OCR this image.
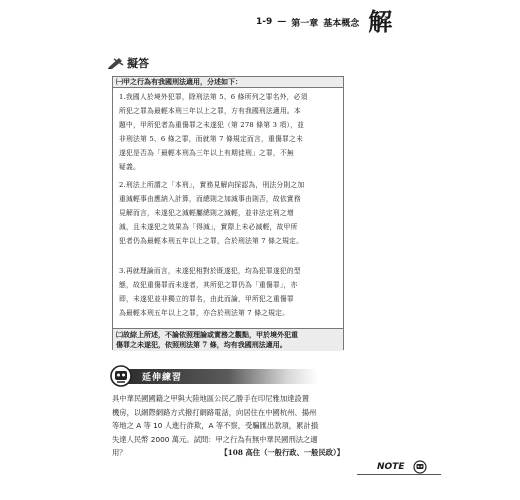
1-9 — 第一章 基本概念 解
擬答
㈠甲之行為有我國刑法適用，分述如下：
1.我國人於境外犯罪，除刑法第 5、6 條所列之罪名外，必須
所犯之罪為最輕本刑三年以上之罪，方有我國刑法適用。本
題中，甲所犯者為重傷罪之未遂犯（第 278 條第 3 項），並
非刑法第 5、6 條之罪，而就第 7 條規定而言，重傷罪之未
遂犯是否為「最輕本刑為三年以上有期徒刑」之罪，不無
疑義。
2.刑法上所謂之「本刑」，實務見解向採認為，刑法分則之加
重減輕事由應納入計算，而總則之加減事由則否，故依實務
見解而言，未遂犯之減輕屬總則之減輕，並非法定刑之增
減，且未遂犯之效果為「得減」，實際上未必減輕，故甲所
犯者仍為最輕本刑五年以上之罪，合於刑法第 7 條之規定。
3.再就理論而言，未遂犯相對於既遂犯，均為犯罪遂犯的型
態，故犯重傷罪而未遂者，其所犯之罪仍為「重傷罪」，亦
即，未遂犯並非獨立的罪名，由此而論，甲所犯之重傷罪
為最輕本刑五年以上之罪，亦合於刑法第 7 條之規定。
㈡故綜上所述，不論依照理論或實務之觀點，甲於境外犯重
傷罪之未遂犯，依照刑法第 7 條，均有我國刑法適用。
延伸練習
具中華民國國籍之甲與大陸地區公民乙勝手在印尼雅加達設置
機房，以網際網路方式撥打網路電話，向居住在中國杭州、揚州
等地之 A 等 10 人進行詐欺，A 等不察，受騙匯出款項，累計損
失達人民幣 2000 萬元。試問：甲之行為有無中華民國刑法之適
用？	【108 高住（一般行政、一般民政）】
NOTE
